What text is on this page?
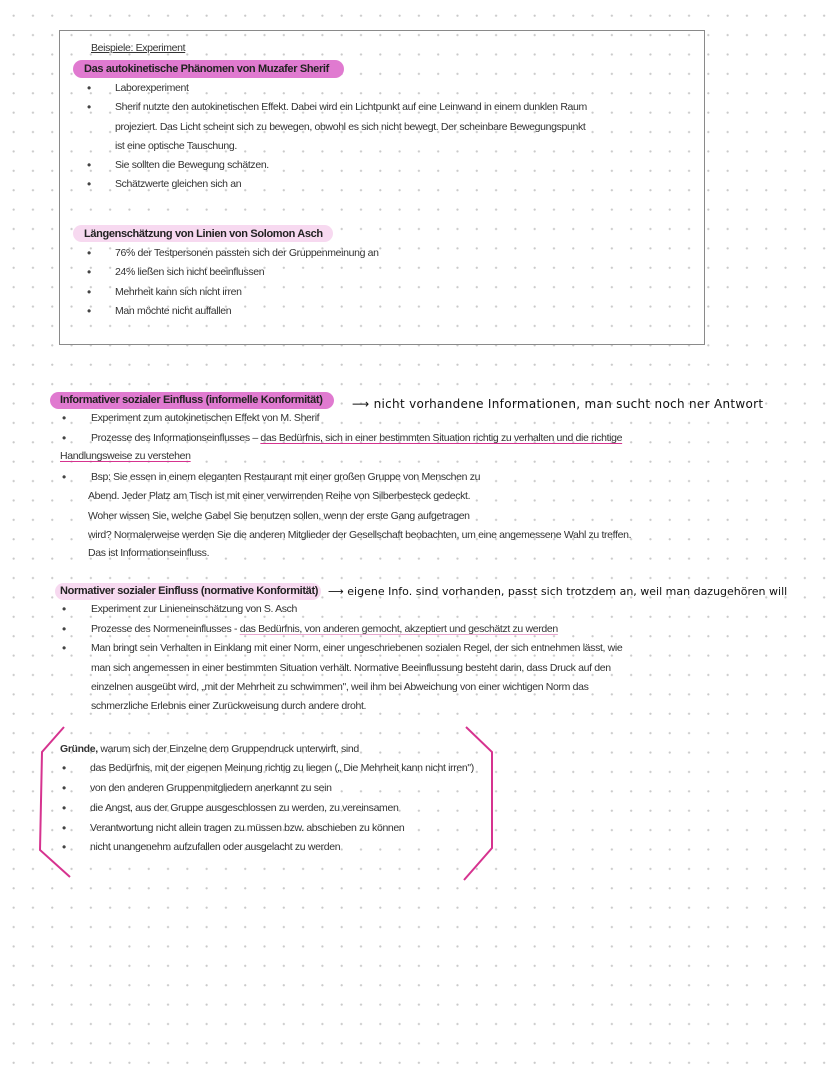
Beispiele: Experiment
Das autokinetische Phänomen von Muzafer Sherif
• Laborexperiment
• Sherif nutzte den autokinetischen Effekt. Dabei wird ein Lichtpunkt auf eine Leinwand in einem dunklen Raum
projeziert. Das Licht scheint sich zu bewegen, obwohl es sich nicht bewegt. Der scheinbare Bewegungspunkt
ist eine optische Tauschung.
• Sie sollten die Bewegung schätzen.
• Schätzwerte gleichen sich an
Längenschätzung von Linien von Solomon Asch
• 76% der Testpersonen passten sich der Gruppenmeinung an
• 24% ließen sich nicht beeinflussen
• Mehrheit kann sich nicht irren
• Man möchte nicht auffallen
Informativer sozialer Einfluss (informelle Konformität) ⟶ nicht vorhandene Informationen, man sucht noch ner Antwort
• Experiment zum autokinetischen Effekt von M. Sherif
• Prozesse des Informationseinflusses – das Bedürfnis, sich in einer bestimmten Situation richtig zu verhalten und die richtige
Handlungsweise zu verstehen
• Bsp: Sie essen in einem eleganten Restaurant mit einer großen Gruppe von Menschen zu
Abend. Jeder Platz am Tisch ist mit einer verwirrenden Reihe von Silberbesteck gedeckt.
Woher wissen Sie, welche Gabel Sie benutzen sollen, wenn der erste Gang aufgetragen
wird? Normalerweise werden Sie die anderen Mitglieder der Gesellschaft beobachten, um eine angemessene Wahl zu treffen.
Das ist Informationseinfluss.
Normativer sozialer Einfluss (normative Konformität) ⟶ eigene Info. sind vorhanden, passt sich trotzdem an, weil man dazugehören will
• Experiment zur Linieneinschätzung von S. Asch
• Prozesse des Normeneinflusses - das Bedürfnis, von anderen gemocht, akzeptiert und geschätzt zu werden
• Man bringt sein Verhalten in Einklang mit einer Norm, einer ungeschriebenen sozialen Regel, der sich entnehmen lässt, wie
man sich angemessen in einer bestimmten Situation verhält. Normative Beeinflussung besteht darin, dass Druck auf den
einzelnen ausgeübt wird, „mit der Mehrheit zu schwimmen", weil ihm bei Abweichung von einer wichtigen Norm das
schmerzliche Erlebnis einer Zurückweisung durch andere droht.
Gründe, warum sich der Einzelne dem Gruppendruck unterwirft, sind
• das Bedürfnis, mit der eigenen Meinung richtig zu liegen („ Die Mehrheit kann nicht irren")
• von den anderen Gruppenmitgliedern anerkannt zu sein
• die Angst, aus der Gruppe ausgeschlossen zu werden, zu vereinsamen
• Verantwortung nicht allein tragen zu müssen bzw. abschieben zu können
• nicht unangenehm aufzufallen oder ausgelacht zu werden
